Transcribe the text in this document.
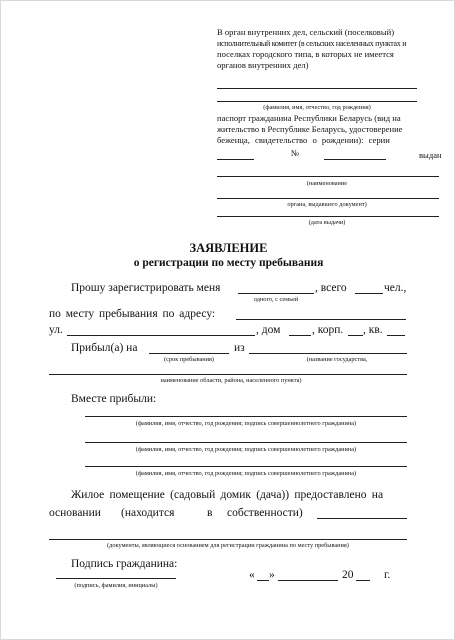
В орган внутренних дел, сельский (поселковый)
исполнительный комитет (в сельских населенных пунктах и
поселках городского типа, в которых не имеется
органов внутренних дел)
(фамилия, имя, отчество, год рождения)
паспорт гражданина Республики Беларусь (вид на
жительство в Республике Беларусь, удостоверение
беженца, свидетельство о рождении): серии
№	выдан
(наименование
органа, выдавшего документ)
(дата выдачи)
ЗАЯВЛЕНИЕ
о регистрации по месту пребывания
Прошу зарегистрировать меня	, всего	чел.,
одного, с семьей
по месту пребывания по адресу:
ул.	, дом	, корп. , кв.
Прибыл(а) на	из
(срок пребывания)	(название государства,
наименование области, района, населенного пункта)
Вместе прибыли:
(фамилия, имя, отчество, год рождения; подпись совершеннолетнего гражданина)
(фамилия, имя, отчество, год рождения; подпись совершеннолетнего гражданина)
(фамилия, имя, отчество, год рождения; подпись совершеннолетнего гражданина)
Жилое помещение (садовый домик (дача)) предоставлено на
основании (находится	в собственности)
(документы, являющиеся основанием для регистрации гражданина по месту пребывания)
Подпись гражданина:
(подпись, фамилия, инициалы)
« »	20	г.
